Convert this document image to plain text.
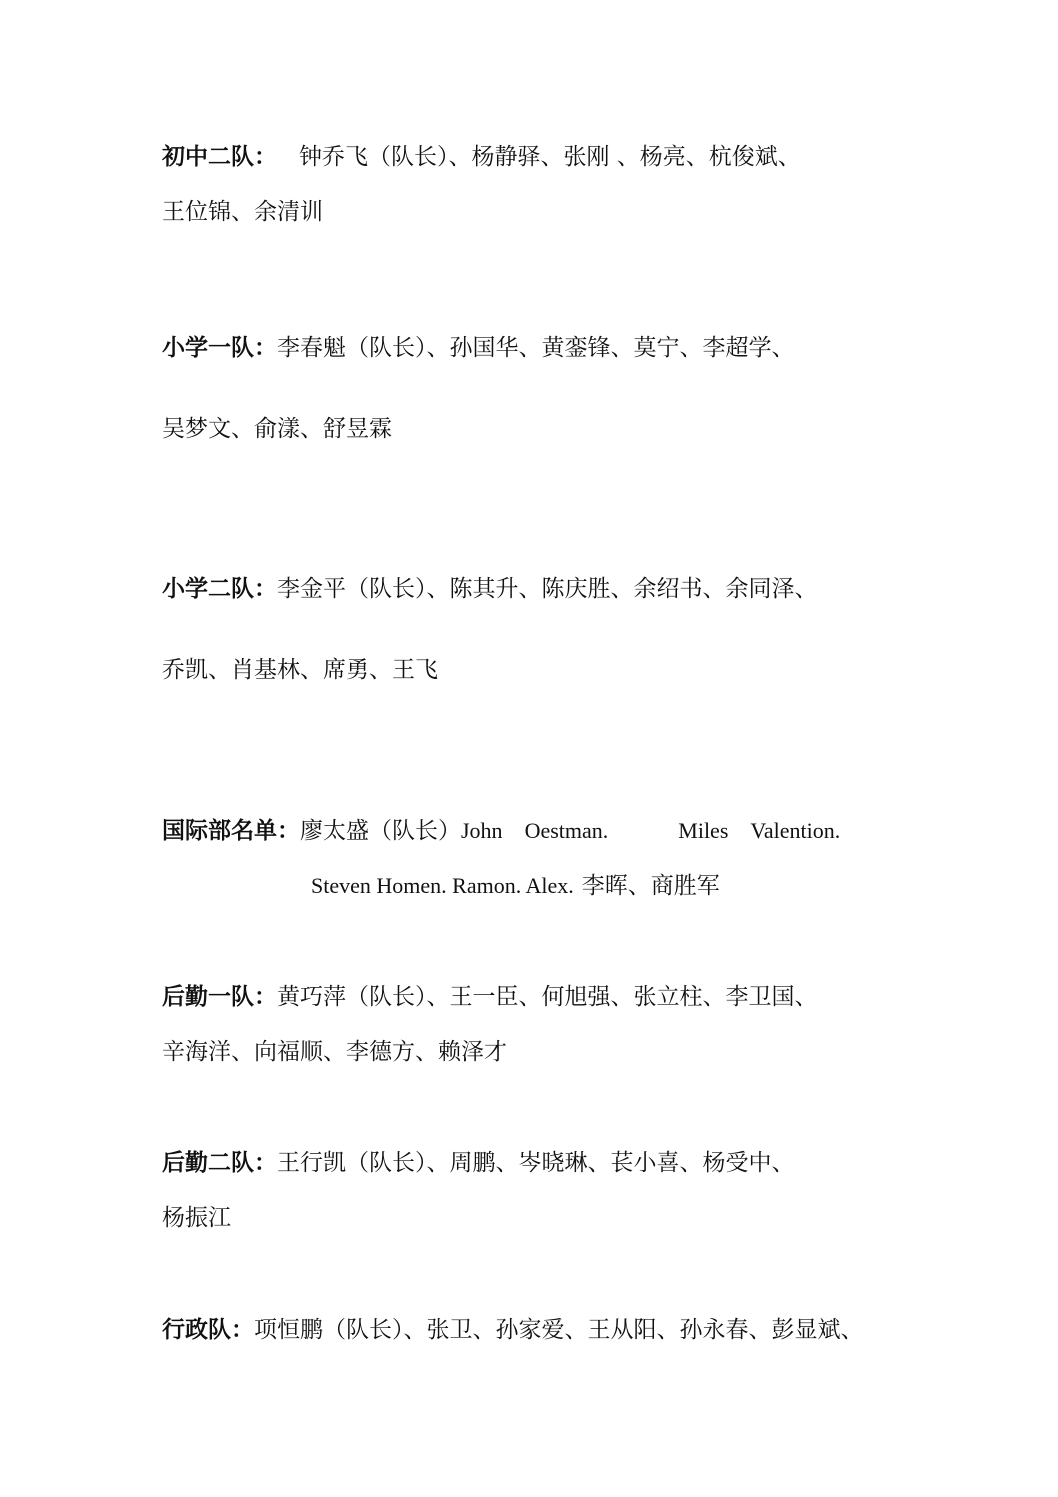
初中二队： 钟乔飞（队长）、杨静驿、张刚 、杨亮、杭俊斌、
王位锦、余清训
小学一队：李春魁（队长）、孙国华、黄銮锋、莫宁、李超学、
吴梦文、俞漾、舒昱霖
小学二队：李金平（队长）、陈其升、陈庆胜、余绍书、余同泽、
乔凯、肖基林、席勇、王飞
国际部名单：廖太盛（队长）John Oestman.	Miles Valention.
Steven Homen. Ramon. Alex. 李晖、商胜军
后勤一队：黄巧萍（队长）、王一臣、何旭强、张立柱、李卫国、
辛海洋、向福顺、李德方、赖泽才
后勤二队：王行凯（队长）、周鹏、岑晓琳、苌小喜、杨受中、
杨振江
行政队：项恒鹏（队长）、张卫、孙家爱、王从阳、孙永春、彭显斌、
